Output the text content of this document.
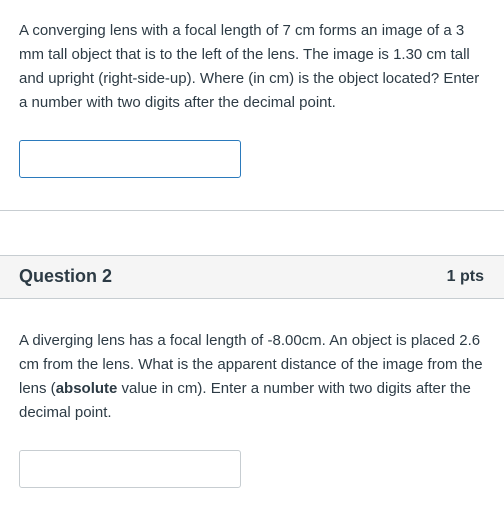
A converging lens with a focal length of 7 cm forms an image of a 3 mm tall object that is to the left of the lens. The image is 1.30 cm tall and upright (right-side-up). Where (in cm) is the object located? Enter a number with two digits after the decimal point.

Question 2	1 pts

A diverging lens has a focal length of -8.00cm. An object is placed 2.6 cm from the lens. What is the apparent distance of the image from the lens (absolute value in cm). Enter a number with two digits after the decimal point.
